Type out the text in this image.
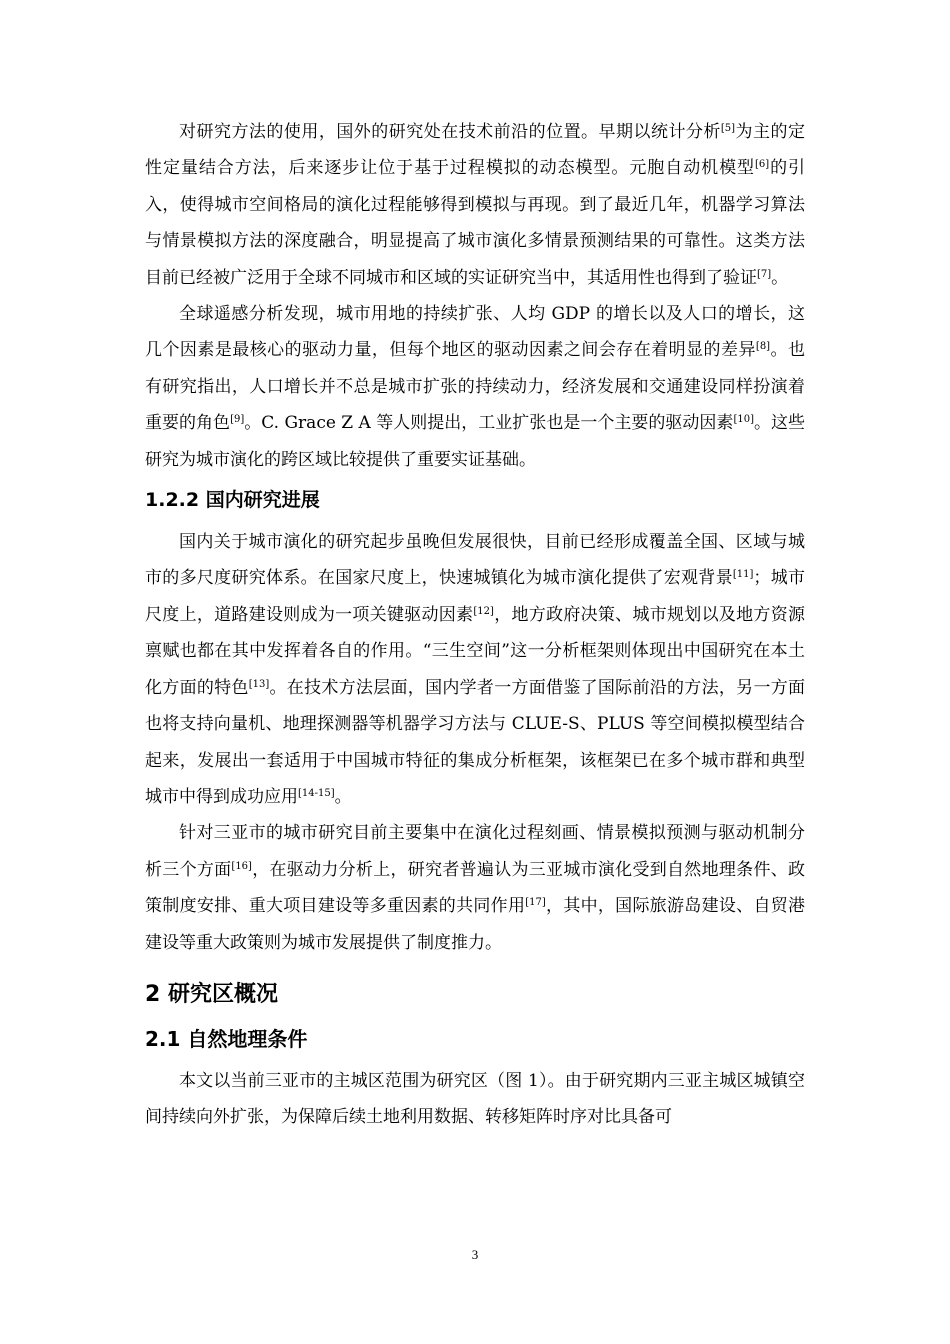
对研究方法的使用，国外的研究处在技术前沿的位置。早期以统计分析[5]为主的定性定量结合方法，后来逐步让位于基于过程模拟的动态模型。元胞自动机模型[6]的引入，使得城市空间格局的演化过程能够得到模拟与再现。到了最近几年，机器学习算法与情景模拟方法的深度融合，明显提高了城市演化多情景预测结果的可靠性。这类方法目前已经被广泛用于全球不同城市和区域的实证研究当中，其适用性也得到了验证[7]。

全球遥感分析发现，城市用地的持续扩张、人均 GDP 的增长以及人口的增长，这几个因素是最核心的驱动力量，但每个地区的驱动因素之间会存在着明显的差异[8]。也有研究指出，人口增长并不总是城市扩张的持续动力，经济发展和交通建设同样扮演着重要的角色[9]。C. Grace Z A 等人则提出，工业扩张也是一个主要的驱动因素[10]。这些研究为城市演化的跨区域比较提供了重要实证基础。

1.2.2 国内研究进展

国内关于城市演化的研究起步虽晚但发展很快，目前已经形成覆盖全国、区域与城市的多尺度研究体系。在国家尺度上，快速城镇化为城市演化提供了宏观背景[11]；城市尺度上，道路建设则成为一项关键驱动因素[12]，地方政府决策、城市规划以及地方资源禀赋也都在其中发挥着各自的作用。“三生空间”这一分析框架则体现出中国研究在本土化方面的特色[13]。在技术方法层面，国内学者一方面借鉴了国际前沿的方法，另一方面也将支持向量机、地理探测器等机器学习方法与 CLUE-S、PLUS 等空间模拟模型结合起来，发展出一套适用于中国城市特征的集成分析框架，该框架已在多个城市群和典型城市中得到成功应用[14-15]。

针对三亚市的城市研究目前主要集中在演化过程刻画、情景模拟预测与驱动机制分析三个方面[16]，在驱动力分析上，研究者普遍认为三亚城市演化受到自然地理条件、政策制度安排、重大项目建设等多重因素的共同作用[17]，其中，国际旅游岛建设、自贸港建设等重大政策则为城市发展提供了制度推力。

2 研究区概况
2.1 自然地理条件

本文以当前三亚市的主城区范围为研究区（图 1）。由于研究期内三亚主城区城镇空间持续向外扩张，为保障后续土地利用数据、转移矩阵时序对比具备可

3
